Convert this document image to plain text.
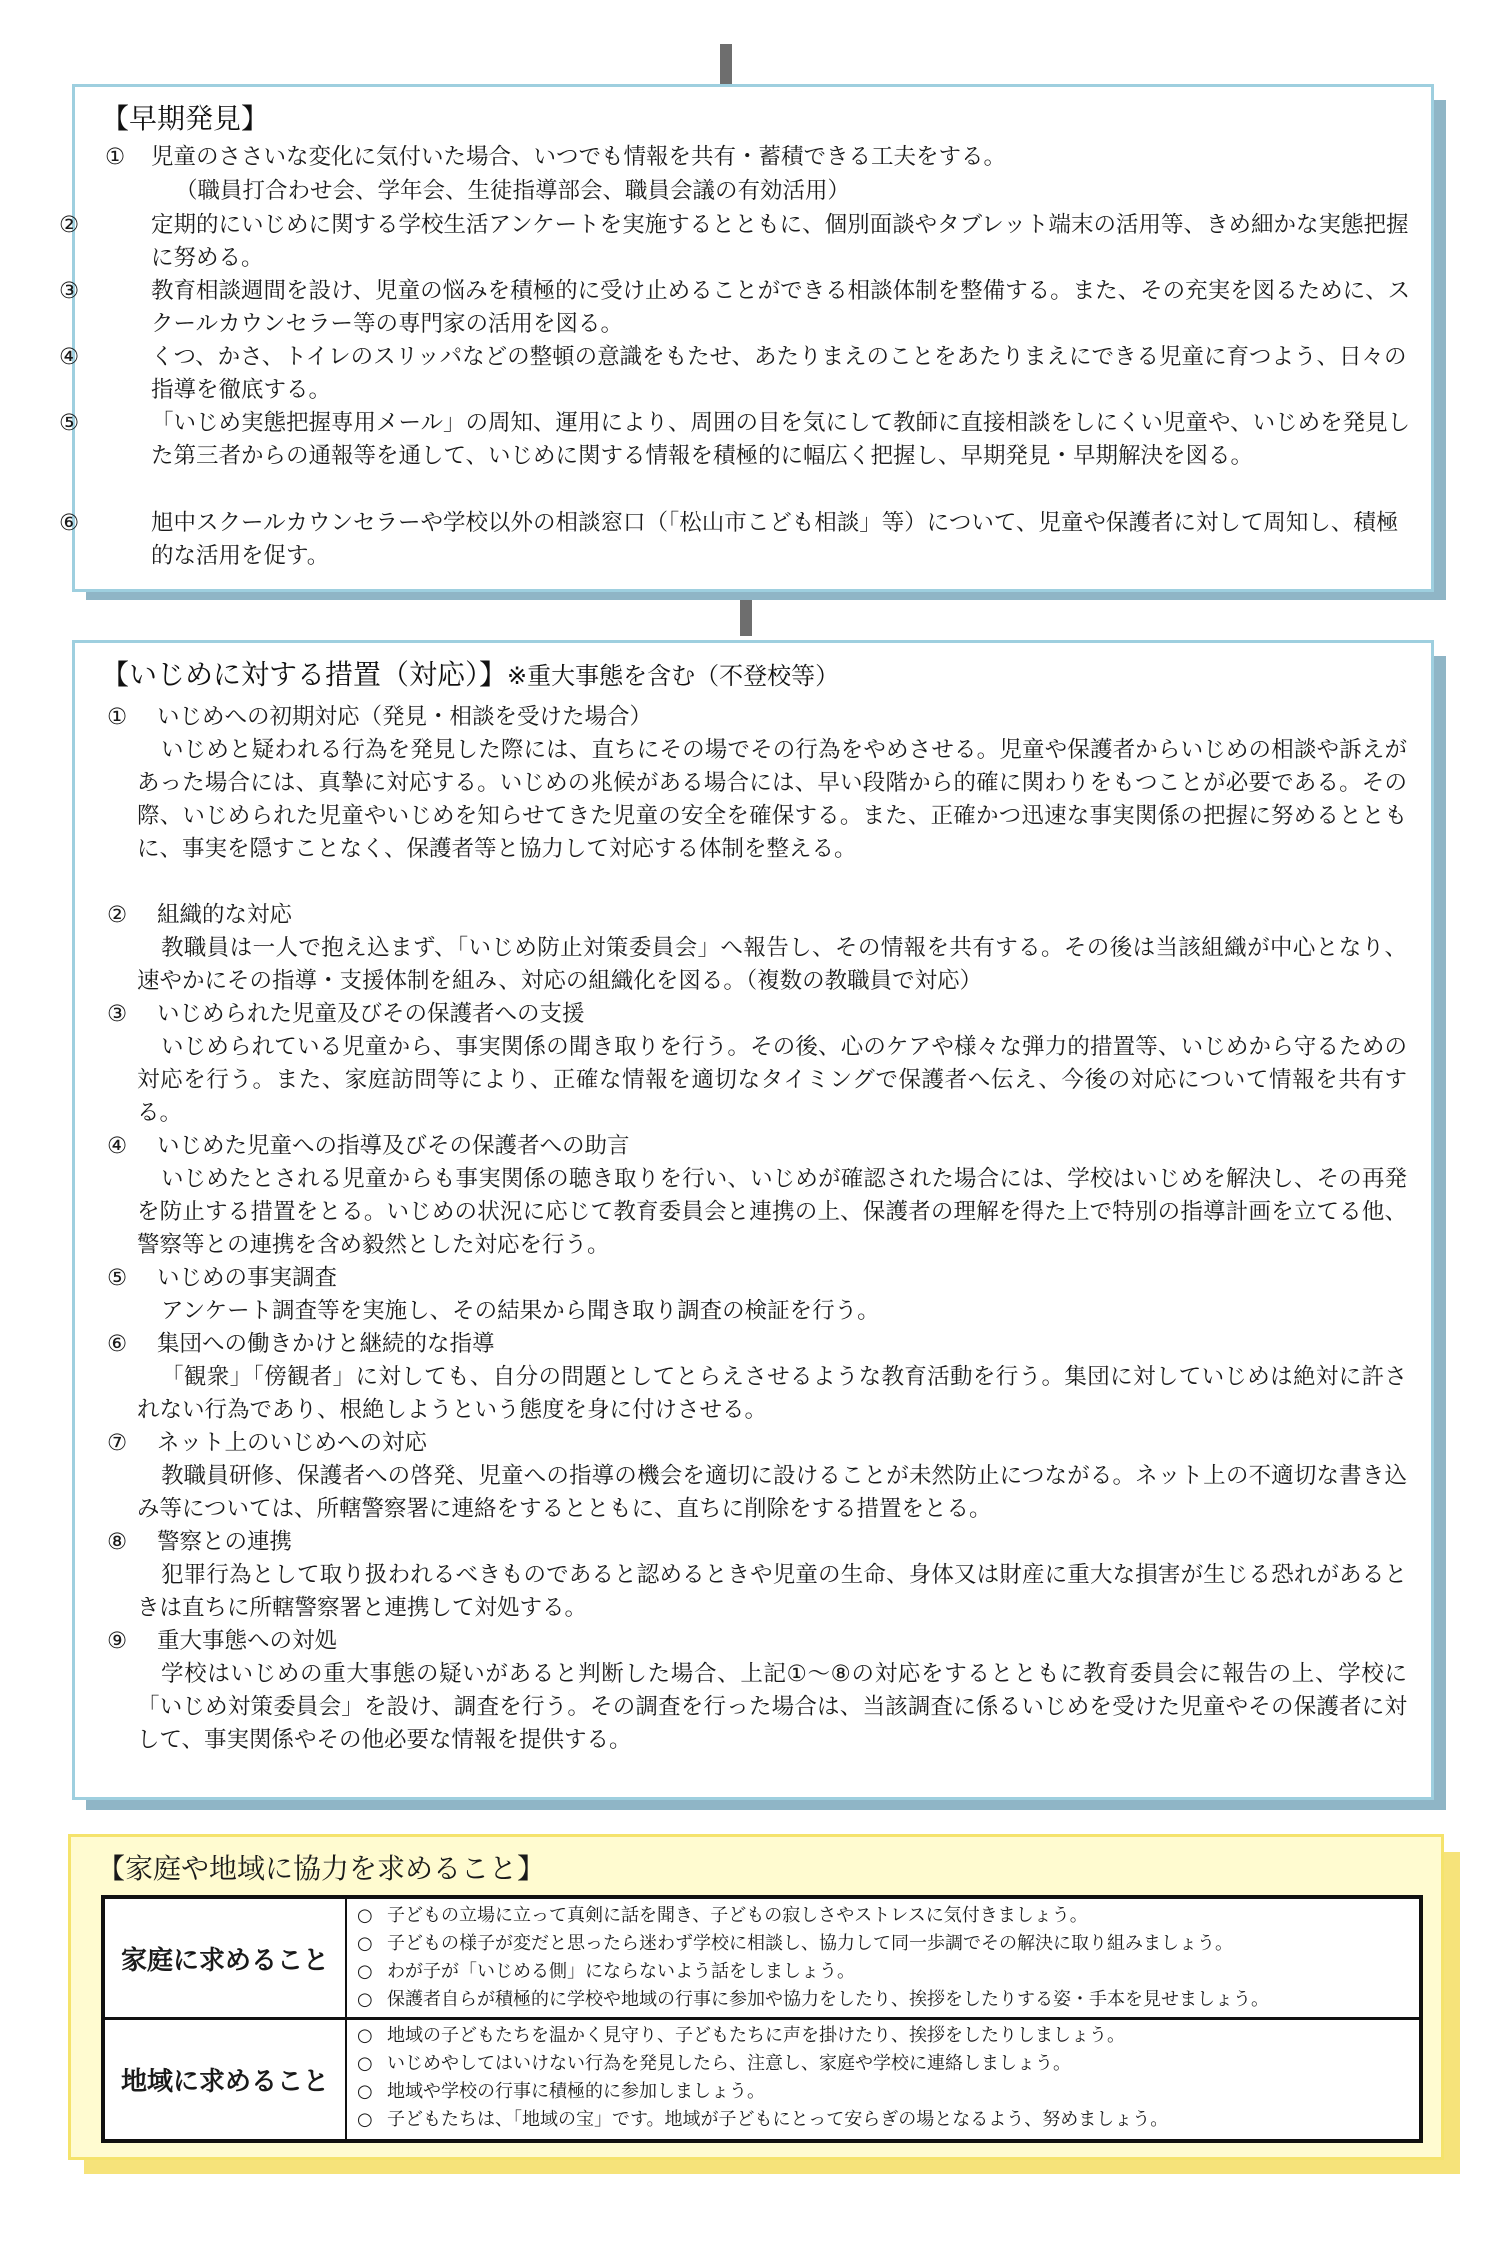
【早期発見】
① 児童のささいな変化に気付いた場合、いつでも情報を共有・蓄積できる工夫をする。
（職員打合わせ会、学年会、生徒指導部会、職員会議の有効活用）
②	定期的にいじめに関する学校生活アンケートを実施するとともに、個別面談やタブレット端末の活用等、きめ細かな実態把握に努める。
③	教育相談週間を設け、児童の悩みを積極的に受け止めることができる相談体制を整備する。また、その充実を図るために、スクールカウンセラー等の専門家の活用を図る。
④	くつ、かさ、トイレのスリッパなどの整頓の意識をもたせ、あたりまえのことをあたりまえにできる児童に育つよう、日々の指導を徹底する。
⑤	「いじめ実態把握専用メール」の周知、運用により、周囲の目を気にして教師に直接相談をしにくい児童や、いじめを発見した第三者からの通報等を通して、いじめに関する情報を積極的に幅広く把握し、早期発見・早期解決を図る。
⑥	旭中スクールカウンセラーや学校以外の相談窓口（「松山市こども相談」等）について、児童や保護者に対して周知し、積極的な活用を促す。
【いじめに対する措置（対応）】※重大事態を含む（不登校等）
① いじめへの初期対応（発見・相談を受けた場合）
いじめと疑われる行為を発見した際には、直ちにその場でその行為をやめさせる。児童や保護者からいじめの相談や訴えがあった場合には、真摯に対応する。いじめの兆候がある場合には、早い段階から的確に関わりをもつことが必要である。その際、いじめられた児童やいじめを知らせてきた児童の安全を確保する。また、正確かつ迅速な事実関係の把握に努めるとともに、事実を隠すことなく、保護者等と協力して対応する体制を整える。
② 組織的な対応
教職員は一人で抱え込まず、「いじめ防止対策委員会」へ報告し、その情報を共有する。その後は当該組織が中心となり、速やかにその指導・支援体制を組み、対応の組織化を図る。（複数の教職員で対応）
③ いじめられた児童及びその保護者への支援
いじめられている児童から、事実関係の聞き取りを行う。その後、心のケアや様々な弾力的措置等、いじめから守るための対応を行う。また、家庭訪問等により、正確な情報を適切なタイミングで保護者へ伝え、今後の対応について情報を共有する。
④ いじめた児童への指導及びその保護者への助言
いじめたとされる児童からも事実関係の聴き取りを行い、いじめが確認された場合には、学校はいじめを解決し、その再発を防止する措置をとる。いじめの状況に応じて教育委員会と連携の上、保護者の理解を得た上で特別の指導計画を立てる他、警察等との連携を含め毅然とした対応を行う。
⑤ いじめの事実調査
アンケート調査等を実施し、その結果から聞き取り調査の検証を行う。
⑥ 集団への働きかけと継続的な指導
「観衆」「傍観者」に対しても、自分の問題としてとらえさせるような教育活動を行う。集団に対していじめは絶対に許されない行為であり、根絶しようという態度を身に付けさせる。
⑦ ネット上のいじめへの対応
教職員研修、保護者への啓発、児童への指導の機会を適切に設けることが未然防止につながる。ネット上の不適切な書き込み等については、所轄警察署に連絡をするとともに、直ちに削除をする措置をとる。
⑧ 警察との連携
犯罪行為として取り扱われるべきものであると認めるときや児童の生命、身体又は財産に重大な損害が生じる恐れがあるときは直ちに所轄警察署と連携して対処する。
⑨ 重大事態への対処
学校はいじめの重大事態の疑いがあると判断した場合、上記①～⑧の対応をするとともに教育委員会に報告の上、学校に「いじめ対策委員会」を設け、調査を行う。その調査を行った場合は、当該調査に係るいじめを受けた児童やその保護者に対して、事実関係やその他必要な情報を提供する。
【家庭や地域に協力を求めること】
家庭に求めること
○ 子どもの立場に立って真剣に話を聞き、子どもの寂しさやストレスに気付きましょう。
○ 子どもの様子が変だと思ったら迷わず学校に相談し、協力して同一歩調でその解決に取り組みましょう。
○ わが子が「いじめる側」にならないよう話をしましょう。
○ 保護者自らが積極的に学校や地域の行事に参加や協力をしたり、挨拶をしたりする姿・手本を見せましょう。
地域に求めること
○ 地域の子どもたちを温かく見守り、子どもたちに声を掛けたり、挨拶をしたりしましょう。
○ いじめやしてはいけない行為を発見したら、注意し、家庭や学校に連絡しましょう。
○ 地域や学校の行事に積極的に参加しましょう。
○ 子どもたちは、「地域の宝」です。地域が子どもにとって安らぎの場となるよう、努めましょう。
